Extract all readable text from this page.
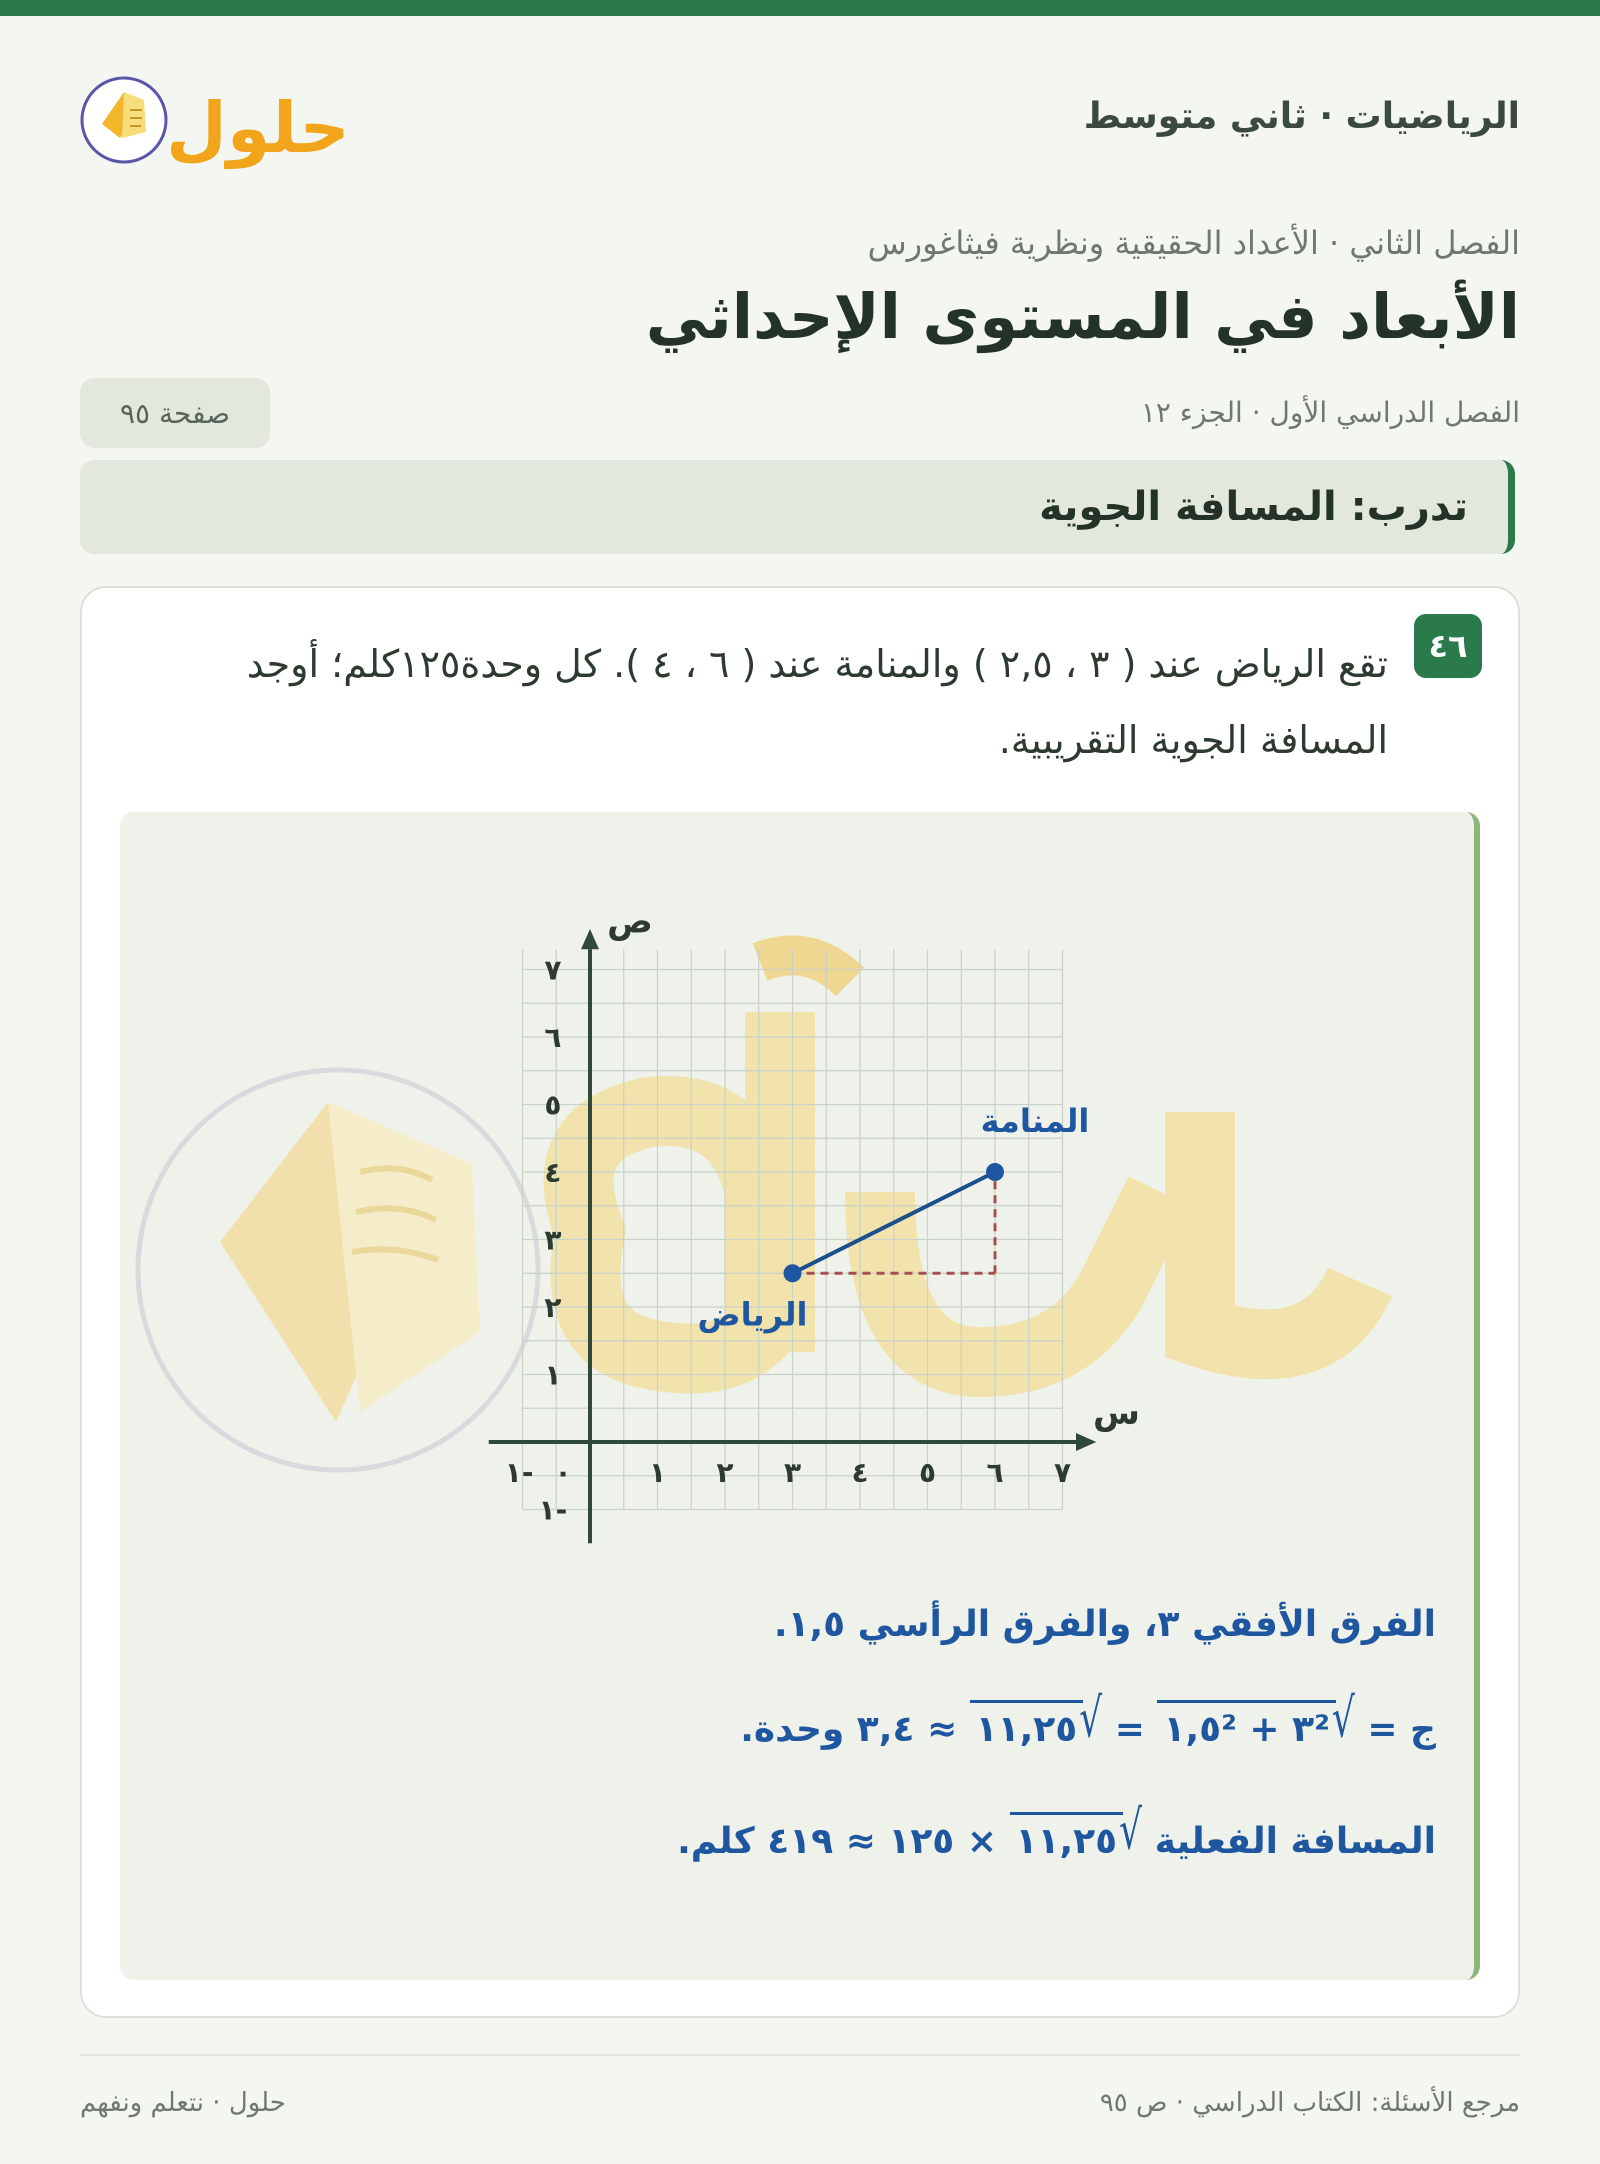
الرياضيات · ثاني متوسط
حلول
الفصل الثاني · الأعداد الحقيقية ونظرية فيثاغورس
الأبعاد في المستوى الإحداثي
الفصل الدراسي الأول · الجزء ١٢
صفحة ٩٥
تدرب: المسافة الجوية
٤٦
تقع الرياض عند ( ٣ ، ٢,٥ ) والمنامة عند ( ٦ ، ٤ ). كل وحدة١٢٥كلم؛ أوجد المسافة الجوية التقريبية.
-١ ٠	١ ٢ ٣ ٤ ٥ ٦ ٧
-١
١
٢
٣
٤
٥
٦
٧
س
ص
الرياض
المنامة
الفرق الأفقي ٣، والفرق الرأسي ١,٥.
ج = √٣² + ١,٥² = √١١,٢٥ ≈ ٣,٤ وحدة.
المسافة الفعلية √١١,٢٥ × ١٢٥ ≈ ٤١٩ كلم.
مرجع الأسئلة: الكتاب الدراسي · ص ٩٥
حلول · نتعلم ونفهم
